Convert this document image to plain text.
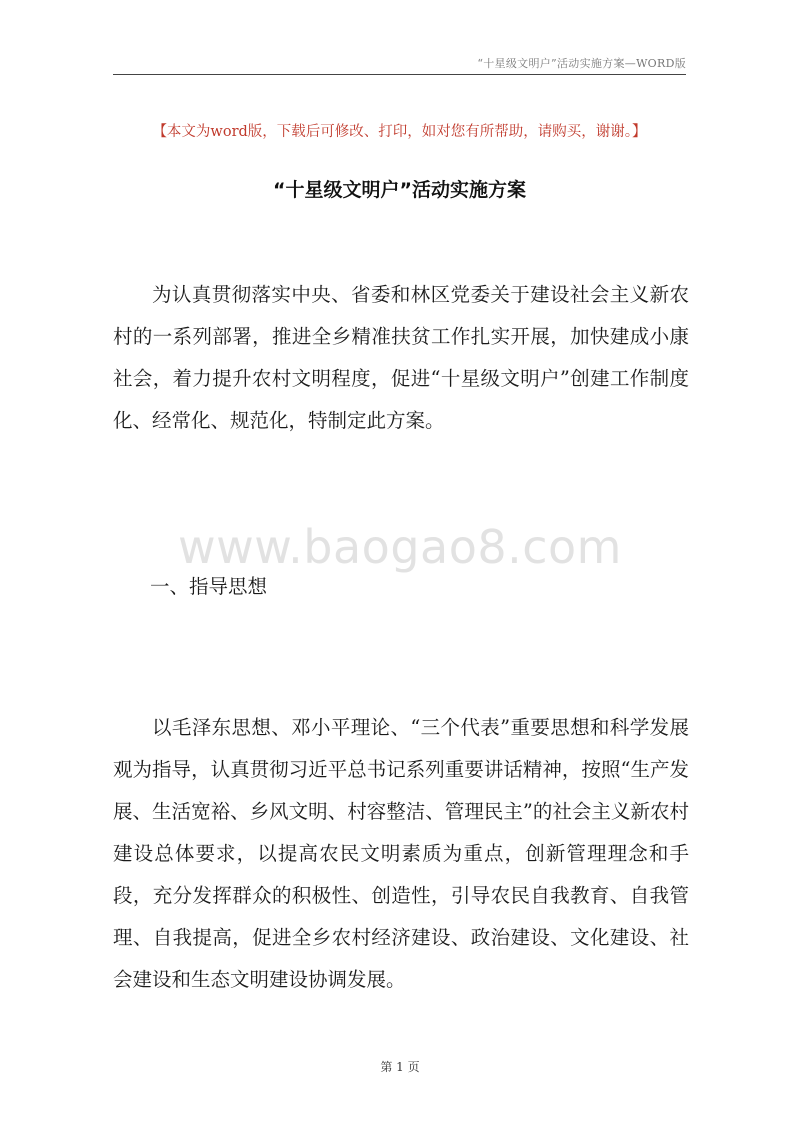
“十星级文明户”活动实施方案—WORD版
【本文为word版，下载后可修改、打印，如对您有所帮助，请购买，谢谢。】
“十星级文明户”活动实施方案

为认真贯彻落实中央、省委和林区党委关于建设社会主义新农村的一系列部署，推进全乡精准扶贫工作扎实开展，加快建成小康社会，着力提升农村文明程度，促进“十星级文明户”创建工作制度化、经常化、规范化，特制定此方案。

www.baogao8.com
一、指导思想

以毛泽东思想、邓小平理论、“三个代表”重要思想和科学发展观为指导，认真贯彻习近平总书记系列重要讲话精神，按照“生产发展、生活宽裕、乡风文明、村容整洁、管理民主”的社会主义新农村建设总体要求，以提高农民文明素质为重点，创新管理理念和手段，充分发挥群众的积极性、创造性，引导农民自我教育、自我管理、自我提高，促进全乡农村经济建设、政治建设、文化建设、社会建设和生态文明建设协调发展。

第 1 页
